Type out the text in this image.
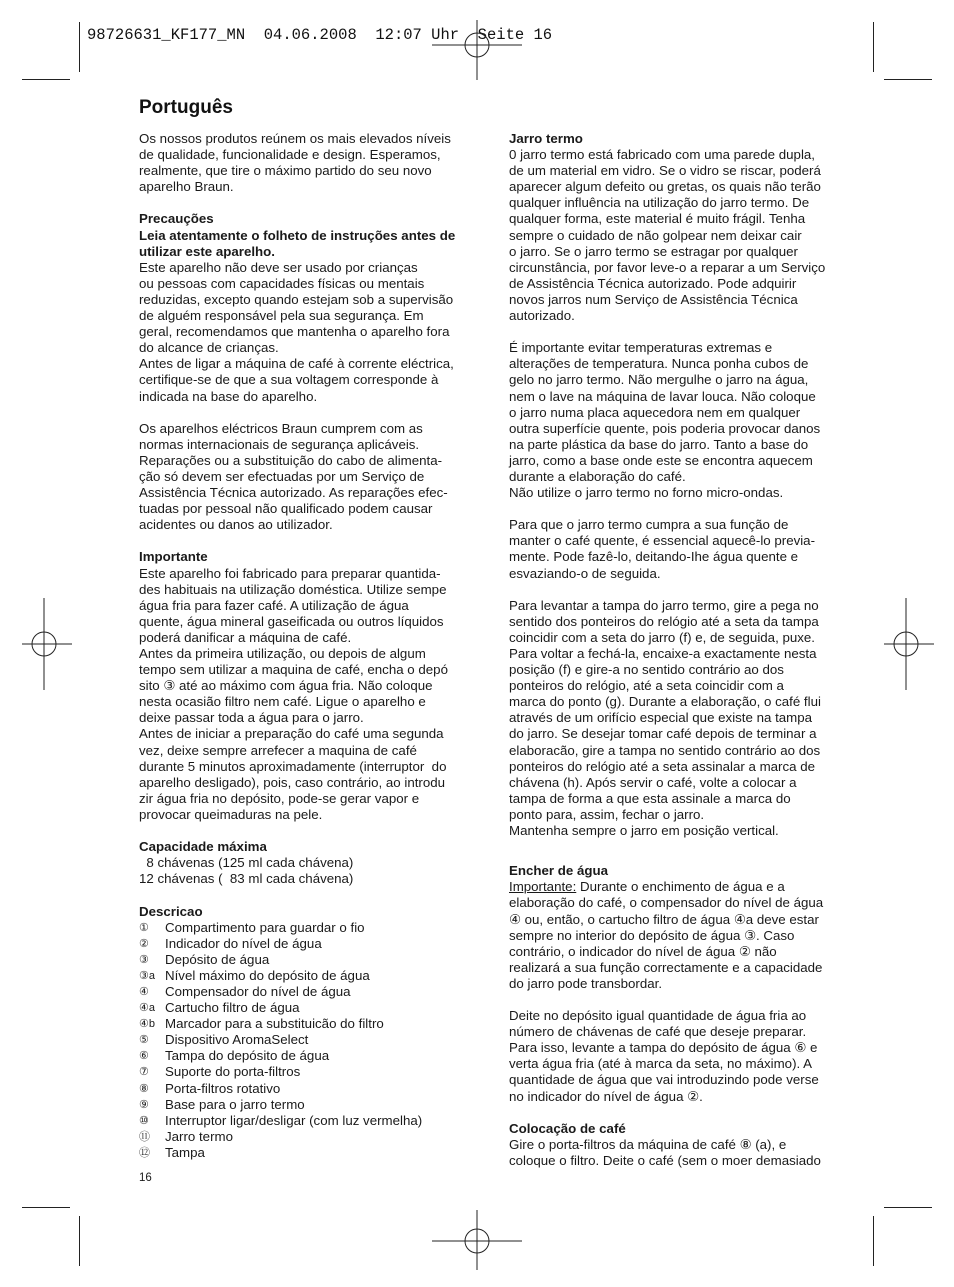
98726631_KF177_MN  04.06.2008  12:07 Uhr  Seite 16
Português

Os nossos produtos reúnem os mais elevados níveis

de qualidade, funcionalidade e design. Esperamos,

realmente, que tire o máximo partido do seu novo

aparelho Braun.

Precauções

Leia atentamente o folheto de instruções antes de

utilizar este aparelho.

Este aparelho não deve ser usado por crianças

ou pessoas com capacidades físicas ou mentais

reduzidas, excepto quando estejam sob a supervisão

de alguém responsável pela sua segurança. Em

geral, recomendamos que mantenha o aparelho fora

do alcance de crianças.

Antes de ligar a máquina de café à corrente eléctrica,

certifique-se de que a sua voltagem corresponde à

indicada na base do aparelho.

Os aparelhos eléctricos Braun cumprem com as

normas internacionais de segurança aplicáveis.

Reparações ou a substituição do cabo de alimenta-

ção só devem ser efectuadas por um Serviço de

Assistência Técnica autorizado. As reparações efec-

tuadas por pessoal não qualificado podem causar

acidentes ou danos ao utilizador.

Importante

Este aparelho foi fabricado para preparar quantida-

des habituais na utilização doméstica. Utilize sempe

água fria para fazer café. A utilização de água

quente, água mineral gaseificada ou outros líquidos

poderá danificar a máquina de café.

Antes da primeira utilização, ou depois de algum

tempo sem utilizar a maquina de café, encha o depó

sito ③ até ao máximo com água fria. Não coloque

nesta ocasião filtro nem café. Ligue o aparelho e

deixe passar toda a água para o jarro.

Antes de iniciar a preparação do café uma segunda

vez, deixe sempre arrefecer a maquina de café

durante 5 minutos aproximadamente (interruptor  do

aparelho desligado), pois, caso contrário, ao introdu

zir água fria no depósito, pode-se gerar vapor e

provocar queimaduras na pele.

Capacidade máxima

8 chávenas (125 ml cada chávena)

12 chávenas (  83 ml cada chávena)

Descricao

①	Compartimento para guardar o fio
②	Indicador do nível de água
③	Depósito de água
③a Nível máximo do depósito de água
④	Compensador do nível de água
④a Cartucho filtro de água
④b Marcador para a substituicão do filtro
⑤	Dispositivo AromaSelect
⑥	Tampa do depósito de água
⑦	Suporte do porta-filtros
⑧	Porta-filtros rotativo
⑨	Base para o jarro termo
⑩	Interruptor ligar/desligar (com luz vermelha)
⑪	Jarro termo
⑫	Tampa

Jarro termo

0 jarro termo está fabricado com uma parede dupla,

de um material em vidro. Se o vidro se riscar, poderá

aparecer algum defeito ou gretas, os quais não terão

qualquer influência na utilização do jarro termo. De

qualquer forma, este material é muito frágil. Tenha

sempre o cuidado de não golpear nem deixar cair

o jarro. Se o jarro termo se estragar por qualquer

circunstância, por favor leve-o a reparar a um Serviço

de Assistência Técnica autorizado. Pode adquirir

novos jarros num Serviço de Assistência Técnica

autorizado.

É importante evitar temperaturas extremas e

alterações de temperatura. Nunca ponha cubos de

gelo no jarro termo. Não mergulhe o jarro na água,

nem o lave na máquina de lavar louca. Não coloque

o jarro numa placa aquecedora nem em qualquer

outra superfície quente, pois poderia provocar danos

na parte plástica da base do jarro. Tanto a base do

jarro, como a base onde este se encontra aquecem

durante a elaboração do café.

Não utilize o jarro termo no forno micro-ondas.

Para que o jarro termo cumpra a sua função de

manter o café quente, é essencial aquecê-lo previa-

mente. Pode fazê-lo, deitando-Ihe água quente e

esvaziando-o de seguida.

Para levantar a tampa do jarro termo, gire a pega no

sentido dos ponteiros do relógio até a seta da tampa

coincidir com a seta do jarro (f) e, de seguida, puxe.

Para voltar a fechá-la, encaixe-a exactamente nesta

posição (f) e gire-a no sentido contrário ao dos

ponteiros do relógio, até a seta coincidir com a

marca do ponto (g). Durante a elaboração, o café flui

através de um orifício especial que existe na tampa

do jarro. Se desejar tomar café depois de terminar a

elaboracão, gire a tampa no sentido contrário ao dos

ponteiros do relógio até a seta assinalar a marca de

chávena (h). Após servir o café, volte a colocar a

tampa de forma a que esta assinale a marca do

ponto para, assim, fechar o jarro.

Mantenha sempre o jarro em posição vertical.

Encher de água

Importante: Durante o enchimento de água e a

elaboração do café, o compensador do nível de água

④ ou, então, o cartucho filtro de água ④a deve estar

sempre no interior do depósito de água ③. Caso

contrário, o indicador do nível de água ② não

realizará a sua função correctamente e a capacidade

do jarro pode transbordar.

Deite no depósito igual quantidade de água fria ao

número de chávenas de café que deseje preparar.

Para isso, levante a tampa do depósito de água ⑥ e

verta água fria (até à marca da seta, no máximo). A

quantidade de água que vai introduzindo pode verse

no indicador do nível de água ②.

Colocação de café

Gire o porta-filtros da máquina de café ⑧ (a), e

coloque o filtro. Deite o café (sem o moer demasiado

16
